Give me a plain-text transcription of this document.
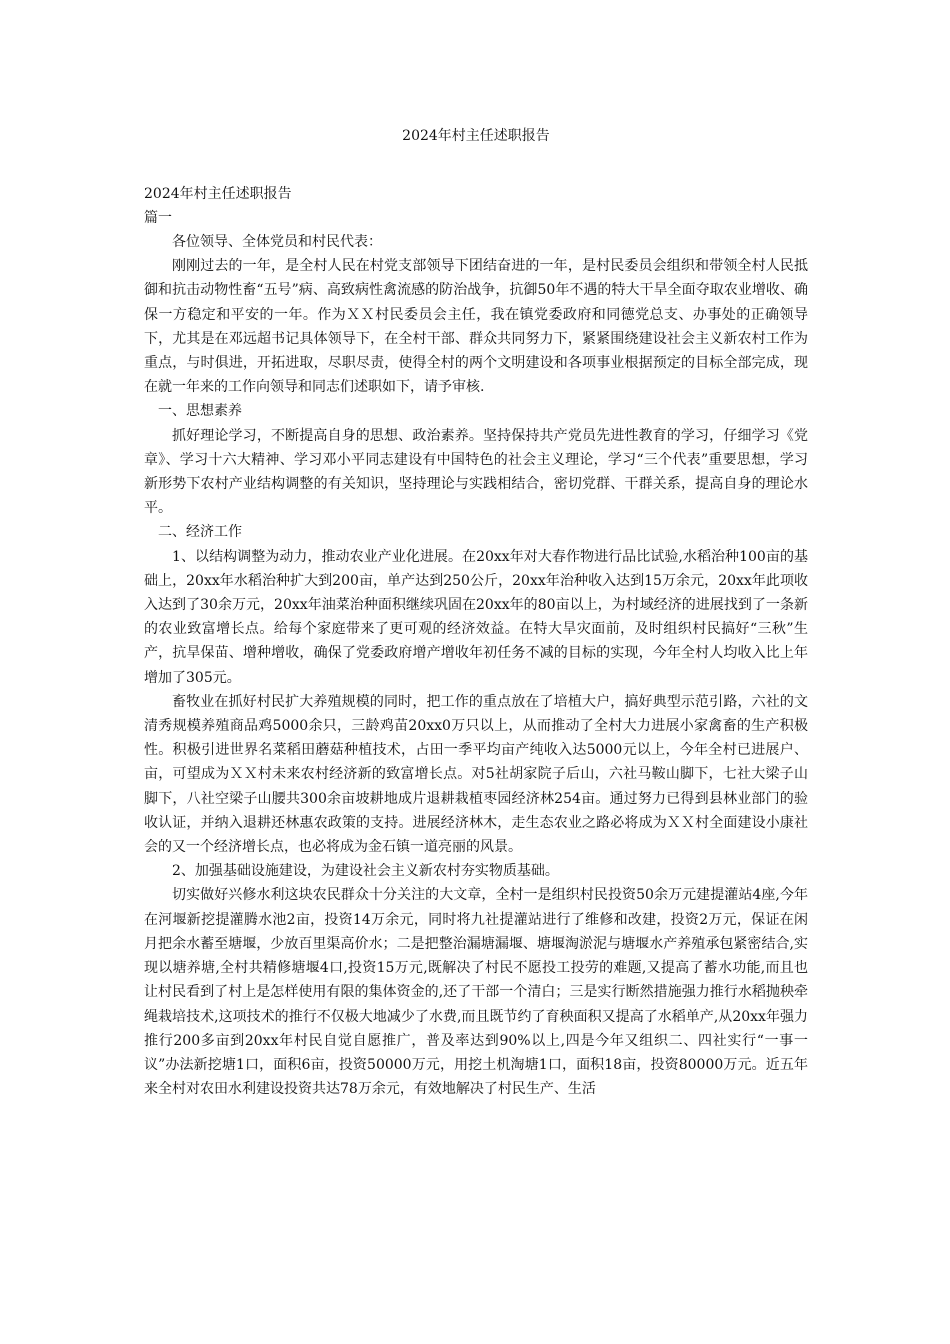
2024年村主任述职报告

2024年村主任述职报告

篇一

各位领导、全体党员和村民代表：

刚刚过去的一年，是全村人民在村党支部领导下团结奋进的一年，是村民委员会组织和带领全村人民抵御和抗击动物性畜“五号”病、高致病性禽流感的防治战争，抗御50年不遇的特大干旱全面夺取农业增收、确保一方稳定和平安的一年。作为ＸＸ村民委员会主任，我在镇党委政府和同德党总支、办事处的正确领导下，尤其是在邓远超书记具体领导下，在全村干部、群众共同努力下，紧紧围绕建设社会主义新农村工作为重点，与时俱进，开拓进取，尽职尽责，使得全村的两个文明建设和各项事业根据预定的目标全部完成，现在就一年来的工作向领导和同志们述职如下，请予审核.

一、思想素养

抓好理论学习，不断提高自身的思想、政治素养。坚持保持共产党员先进性教育的学习，仔细学习《党章》、学习十六大精神、学习邓小平同志建设有中国特色的社会主义理论，学习“三个代表”重要思想，学习新形势下农村产业结构调整的有关知识，坚持理论与实践相结合，密切党群、干群关系，提高自身的理论水平。

二、经济工作

1、以结构调整为动力，推动农业产业化进展。在20xx年对大春作物进行品比试验,水稻治种100亩的基础上，20xx年水稻治种扩大到200亩，单产达到250公斤，20xx年治种收入达到15万余元，20xx年此项收入达到了30余万元，20xx年油菜治种面积继续巩固在20xx年的80亩以上，为村域经济的进展找到了一条新的农业致富增长点。给每个家庭带来了更可观的经济效益。在特大旱灾面前，及时组织村民搞好“三秋”生产，抗旱保苗、增种增收，确保了党委政府增产增收年初任务不减的目标的实现，今年全村人均收入比上年增加了305元。

畜牧业在抓好村民扩大养殖规模的同时，把工作的重点放在了培植大户，搞好典型示范引路，六社的文清秀规模养殖商品鸡5000余只，三龄鸡苗20xx0万只以上，从而推动了全村大力进展小家禽畜的生产积极性。积极引进世界名菜稻田蘑菇种植技术，占田一季平均亩产纯收入达5000元以上，今年全村已进展户、亩，可望成为ＸＸ村未来农村经济新的致富增长点。对5社胡家院子后山，六社马鞍山脚下，七社大梁子山脚下，八社空梁子山腰共300余亩坡耕地成片退耕栽植枣园经济林254亩。通过努力已得到县林业部门的验收认证，并纳入退耕还林惠农政策的支持。进展经济林木，走生态农业之路必将成为ＸＸ村全面建设小康社会的又一个经济增长点，也必将成为金石镇一道亮丽的风景。

2、加强基础设施建设，为建设社会主义新农村夯实物质基础。

切实做好兴修水利这块农民群众十分关注的大文章，全村一是组织村民投资50余万元建提灌站4座,今年在河堰新挖提灌腾水池2亩，投资14万余元，同时将九社提灌站进行了维修和改建，投资2万元，保证在闲月把余水蓄至塘堰，少放百里渠高价水；二是把整治漏塘漏堰、塘堰淘淤泥与塘堰水产养殖承包紧密结合,实现以塘养塘,全村共精修塘堰4口,投资15万元,既解决了村民不愿投工投劳的难题,又提高了蓄水功能,而且也让村民看到了村上是怎样使用有限的集体资金的,还了干部一个清白；三是实行断然措施强力推行水稻抛秧牵绳栽培技术,这项技术的推行不仅极大地减少了水费,而且既节约了育秧面积又提高了水稻单产,从20xx年强力推行200多亩到20xx年村民自觉自愿推广，普及率达到90%以上,四是今年又组织二、四社实行“一事一议”办法新挖塘1口，面积6亩，投资50000万元，用挖土机淘塘1口，面积18亩，投资80000万元。近五年来全村对农田水利建设投资共达78万余元，有效地解决了村民生产、生活
